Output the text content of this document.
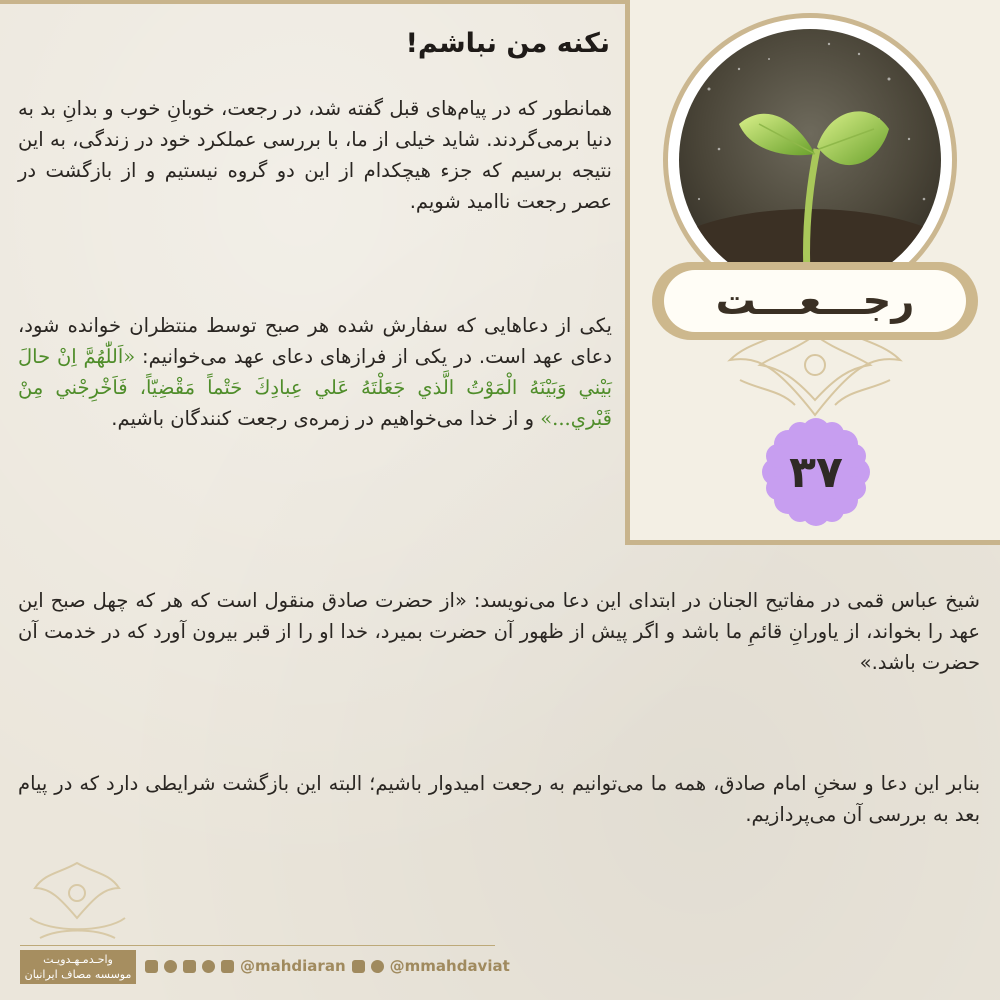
رجـــعـــت
۳۷
نکنه من نباشم!
همانطور که در پیام‌های قبل گفته شد، در رجعت، خوبانِ خوب و بدانِ بد به دنیا برمی‌گردند. شاید خیلی از ما، با بررسی عملکرد خود در زندگی، به این نتیجه برسیم که جزء هیچکدام از این دو گروه نیستیم و از بازگشت در عصر رجعت ناامید شویم.
یکی از دعاهایی که سفارش شده هر صبح توسط منتظران خوانده شود، دعای عهد است. در یکی از فرازهای دعای عهد می‌خوانیم: «اَللّٰهُمَّ اِنْ حالَ بَيْني وَبَيْنَهُ الْمَوْتُ الَّذي جَعَلْتَهُ عَلي عِبادِكَ حَتْماً مَقْضِيّاً، فَاَخْرِجْني مِنْ قَبْري...» و از خدا می‌خواهیم در زمره‌ی رجعت کنندگان باشیم.
شیخ عباس قمی در مفاتیح الجنان در ابتدای این دعا می‌نویسد: «از حضرت صادق منقول است که هر که چهل صبح این عهد را بخواند، از یاورانِ قائمِ ما باشد و اگر پیش از ظهور آن حضرت بمیرد، خدا او را از قبر بیرون آورد که در خدمت آن حضرت باشد.»
بنابر این دعا و سخنِ امام صادق، همه ما می‌توانیم به رجعت امیدوار باشیم؛ البته این بازگشت شرایطی دارد که در پیام بعد به بررسی آن می‌پردازیم.
واحـدمـهـدویـت
موسسه مصاف ایرانیان	@mahdiaran	@mmahdaviat
